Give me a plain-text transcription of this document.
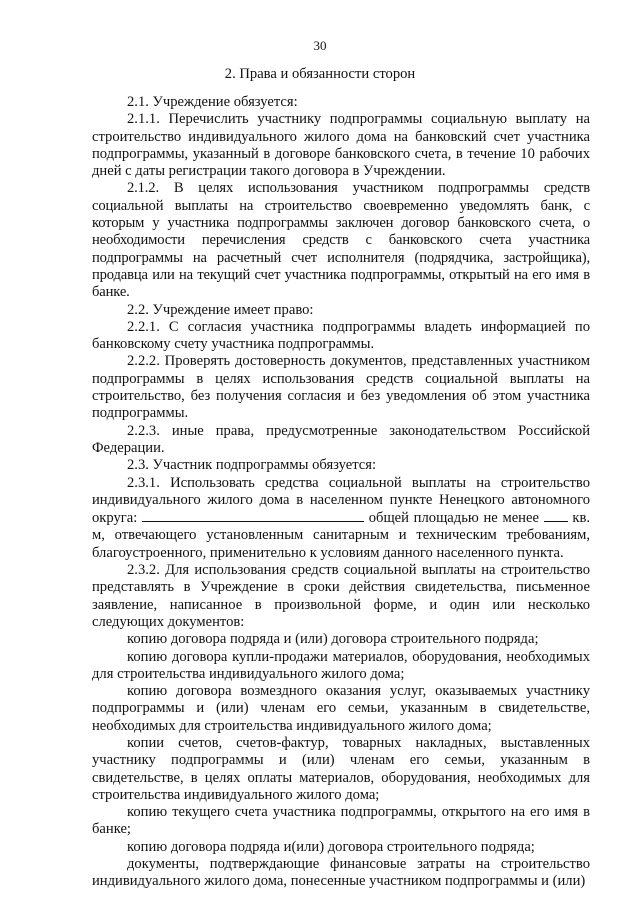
30
2. Права и обязанности сторон

2.1. Учреждение обязуется:

2.1.1. Перечислить участнику подпрограммы социальную выплату на строительство индивидуального жилого дома на банковский счет участника подпрограммы, указанный в договоре банковского счета, в течение 10 рабочих дней с даты регистрации такого договора в Учреждении.

2.1.2. В целях использования участником подпрограммы средств социальной выплаты на строительство своевременно уведомлять банк, с которым у участника подпрограммы заключен договор банковского счета, о необходимости перечисления средств с банковского счета участника подпрограммы на расчетный счет исполнителя (подрядчика, застройщика), продавца или на текущий счет участника подпрограммы, открытый на его имя в банке.

2.2. Учреждение имеет право:

2.2.1. С согласия участника подпрограммы владеть информацией по банковскому счету участника подпрограммы.

2.2.2. Проверять достоверность документов, представленных участником подпрограммы в целях использования средств социальной выплаты на строительство, без получения согласия и без уведомления об этом участника подпрограммы.

2.2.3. иные права, предусмотренные законодательством Российской Федерации.

2.3. Участник подпрограммы обязуется:

2.3.1. Использовать средства социальной выплаты на строительство индивидуального жилого дома в населенном пункте Ненецкого автономного округа:	общей площадью не менее  кв. м, отвечающего установленным санитарным и техническим требованиям, благоустроенного, применительно к условиям данного населенного пункта.

2.3.2. Для использования средств социальной выплаты на строительство представлять в Учреждение в сроки действия свидетельства, письменное заявление, написанное в произвольной форме, и один или несколько следующих документов:

копию договора подряда и (или) договора строительного подряда;

копию договора купли-продажи материалов, оборудования, необходимых для строительства индивидуального жилого дома;

копию договора возмездного оказания услуг, оказываемых участнику подпрограммы и (или) членам его семьи, указанным в свидетельстве, необходимых для строительства индивидуального жилого дома;

копии счетов, счетов-фактур, товарных накладных, выставленных участнику подпрограммы и (или) членам его семьи, указанным в свидетельстве, в целях оплаты материалов, оборудования, необходимых для строительства индивидуального жилого дома;

копию текущего счета участника подпрограммы, открытого на его имя в банке;

копию договора подряда и(или) договора строительного подряда;

документы, подтверждающие финансовые затраты на строительство индивидуального жилого дома, понесенные участником подпрограммы и (или)
